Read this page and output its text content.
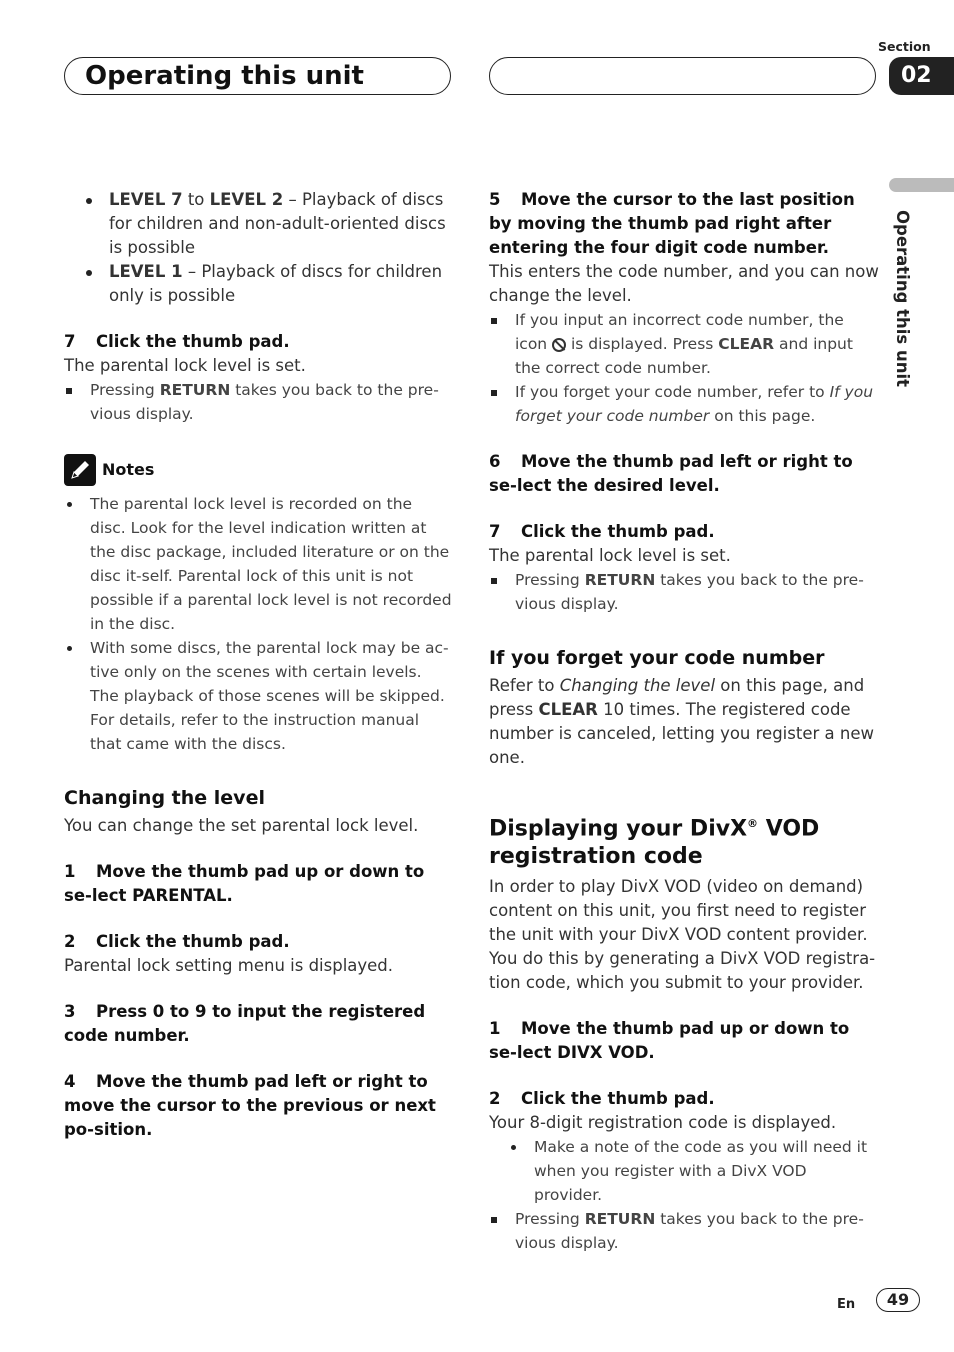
Operating this unit
Section
02
Operating this unit
LEVEL 7 to LEVEL 2 – Playback of discs for children and non-adult-oriented discs is possible
LEVEL 1 – Playback of discs for children only is possible

7 Click the thumb pad.

The parental lock level is set.

Pressing RETURN takes you back to the pre-vious display.

Notes
The parental lock level is recorded on the disc. Look for the level indication written at the disc package, included literature or on the disc it-self. Parental lock of this unit is not possible if a parental lock level is not recorded in the disc.
With some discs, the parental lock may be ac-tive only on the scenes with certain levels. The playback of those scenes will be skipped. For details, refer to the instruction manual that came with the discs.

Changing the level

You can change the set parental lock level.

1 Move the thumb pad up or down to se-lect PARENTAL.

2 Click the thumb pad.

Parental lock setting menu is displayed.

3 Press 0 to 9 to input the registered code number.

4 Move the thumb pad left or right to move the cursor to the previous or next po-sition.

5 Move the cursor to the last position by moving the thumb pad right after entering the four digit code number.

This enters the code number, and you can now change the level.

If you input an incorrect code number, the icon  is displayed. Press CLEAR and input the correct code number.

If you forget your code number, refer to If you forget your code number on this page.

6 Move the thumb pad left or right to se-lect the desired level.

7 Click the thumb pad.

The parental lock level is set.

Pressing RETURN takes you back to the pre-vious display.

If you forget your code number

Refer to Changing the level on this page, and press CLEAR 10 times. The registered code number is canceled, letting you register a new one.

Displaying your DivX® VOD registration code

In order to play DivX VOD (video on demand) content on this unit, you first need to register the unit with your DivX VOD content provider. You do this by generating a DivX VOD registra-tion code, which you submit to your provider.

1 Move the thumb pad up or down to se-lect DIVX VOD.

2 Click the thumb pad.

Your 8-digit registration code is displayed.

Make a note of the code as you will need it when you register with a DivX VOD provider.

Pressing RETURN takes you back to the pre-vious display.

En	49
